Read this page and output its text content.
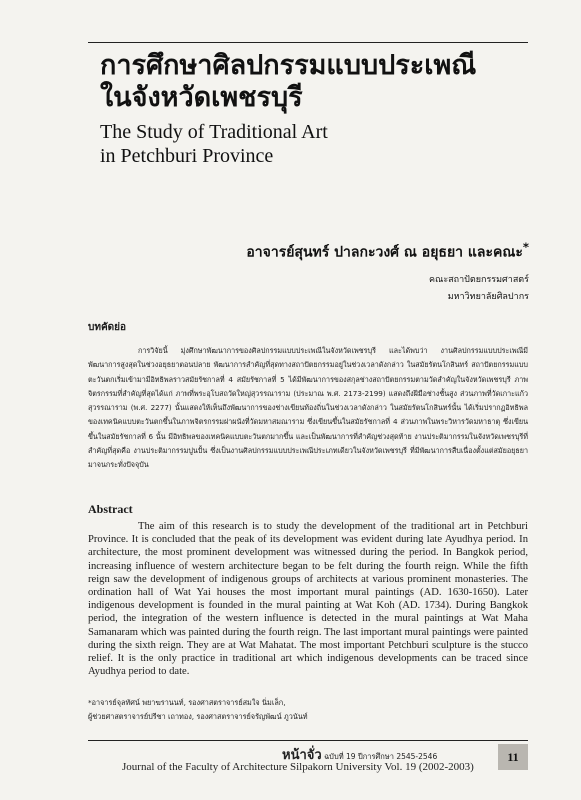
การศึกษาศิลปกรรมแบบประเพณี
ในจังหวัดเพชรบุรี
The Study of Traditional Art
in Petchburi Province
อาจารย์สุนทร์ ปาลกะวงศ์ ณ อยุธยา และคณะ*
คณะสถาปัตยกรรมศาสตร์
มหาวิทยาลัยศิลปากร
บทคัดย่อ

การวิจัยนี้ มุ่งศึกษาพัฒนาการของศิลปกรรมแบบประเพณีในจังหวัดเพชรบุรี และได้พบว่า งานศิลปกรรมแบบประเพณีมีพัฒนาการสูงสุดในช่วงอยุธยาตอนปลาย พัฒนาการสำคัญที่สุดทางสถาปัตยกรรมอยู่ในช่วงเวลาดังกล่าว ในสมัยรัตนโกสินทร์ สถาปัตยกรรมแบบตะวันตกเริ่มเข้ามามีอิทธิพลราวสมัยรัชกาลที่ 4 สมัยรัชกาลที่ 5 ได้มีพัฒนาการของสกุลช่างสถาปัตยกรรมตามวัดสำคัญในจังหวัดเพชรบุรี ภาพจิตรกรรมที่สำคัญที่สุดได้แก่ ภาพที่พระอุโบสถวัดใหญ่สุวรรณาราม (ประมาณ พ.ศ. 2173-2199) แสดงถึงฝีมือช่างชั้นสูง ส่วนภาพที่วัดเกาะแก้วสุวรรณาราม (พ.ศ. 2277) นั้นแสดงให้เห็นถึงพัฒนาการของช่างเขียนท้องถิ่นในช่วงเวลาดังกล่าว ในสมัยรัตนโกสินทร์นั้น ได้เริ่มปรากฏอิทธิพลของเทคนิคแบบตะวันตกขึ้นในภาพจิตรกรรมฝาผนังที่วัดมหาสมณาราม ซึ่งเขียนขึ้นในสมัยรัชกาลที่ 4 ส่วนภาพในพระวิหารวัดมหาธาตุ ซึ่งเขียนขึ้นในสมัยรัชกาลที่ 6 นั้น มีอิทธิพลของเทคนิคแบบตะวันตกมากขึ้น และเป็นพัฒนาการที่สำคัญช่วงสุดท้าย งานประติมากรรมในจังหวัดเพชรบุรีที่สำคัญที่สุดคือ งานประติมากรรมปูนปั้น ซึ่งเป็นงานศิลปกรรมแบบประเพณีประเภทเดียวในจังหวัดเพชรบุรี ที่มีพัฒนาการสืบเนื่องตั้งแต่สมัยอยุธยามาจนกระทั่งปัจจุบัน

Abstract

The aim of this research is to study the development of the traditional art in Petchburi Province. It is concluded that the peak of its development was evident during late Ayudhya period. In architecture, the most prominent development was witnessed during the period. In Bangkok period, increasing influence of western architecture began to be felt during the fourth reign. While the fifth reign saw the development of indigenous groups of architects at various prominent monasteries. The ordination hall of Wat Yai houses the most important mural paintings (AD. 1630-1650). Later indigenous development is founded in the mural painting at Wat Koh (AD. 1734). During Bangkok period, the integration of the western influence is detected in the mural paintings at Wat Maha Samanaram which was painted during the fourth reign. The last important mural paintings were painted during the sixth reign. They are at Wat Mahatat. The most important Petchburi sculpture is the stucco relief. It is the only practice in traditional art which indigenous developments can be traced since Ayudhya period to date.

*อาจารย์จุลทัศน์ พยาฆรานนท์, รองศาสตราจารย์สมใจ นิ่มเล็ก,
ผู้ช่วยศาสตราจารย์ปรีชา เถาทอง, รองศาสตราจารย์จรัญพัฒน์ ภูวนันท์
หน้าจั่ว ฉบับที่ 19 ปีการศึกษา 2545-2546
Journal of the Faculty of Architecture Silpakorn University Vol. 19 (2002-2003)
11
